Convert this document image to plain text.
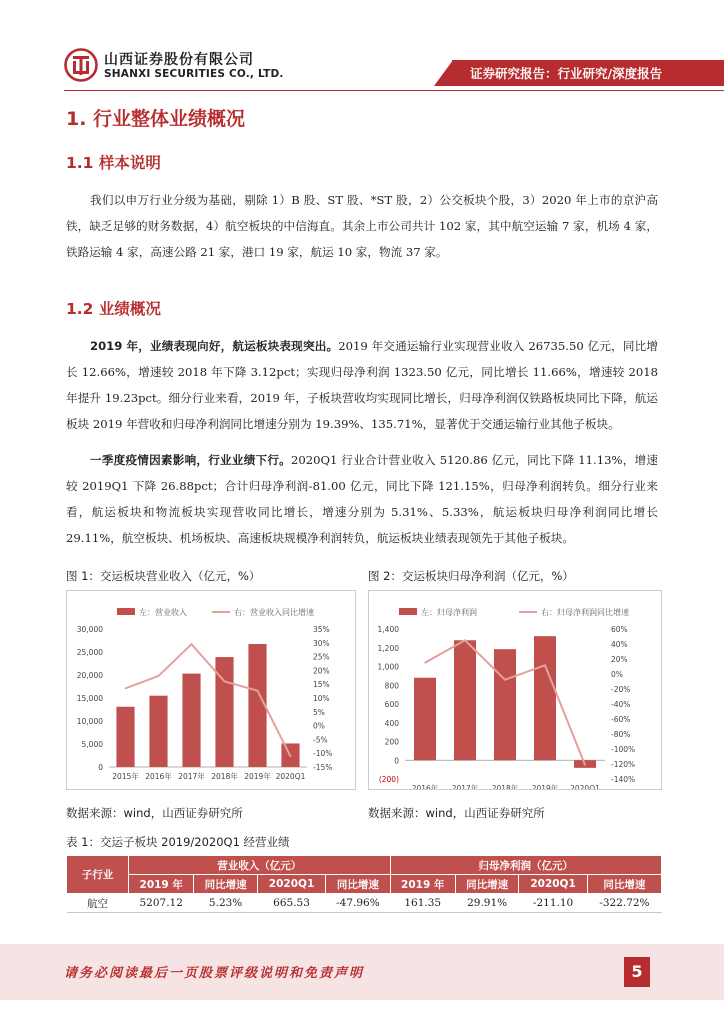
山西证券股份有限公司
SHANXI SECURITIES CO., LTD.	证券研究报告：行业研究/深度报告
1. 行业整体业绩概况
1.1 样本说明

我们以申万行业分级为基础，剔除 1）B 股、ST 股、*ST 股，2）公交板块个股，3）2020 年上市的京沪高铁，缺乏足够的财务数据，4）航空板块的中信海直。其余上市公司共计 102 家，其中航空运输 7 家，机场 4 家，铁路运输 4 家，高速公路 21 家，港口 19 家，航运 10 家，物流 37 家。

1.2 业绩概况

2019 年，业绩表现向好，航运板块表现突出。2019 年交通运输行业实现营业收入 26735.50 亿元，同比增长 12.66%，增速较 2018 年下降 3.12pct；实现归母净利润 1323.50 亿元，同比增长 11.66%，增速较 2018 年提升 19.23pct。细分行业来看，2019 年，子板块营收均实现同比增长，归母净利润仅铁路板块同比下降，航运板块 2019 年营收和归母净利润同比增速分别为 19.39%、135.71%，显著优于交通运输行业其他子板块。

一季度疫情因素影响，行业业绩下行。2020Q1 行业合计营业收入 5120.86 亿元，同比下降 11.13%，增速较 2019Q1 下降 26.88pct；合计归母净利润-81.00 亿元，同比下降 121.15%，归母净利润转负。细分行业来看，航运板块和物流板块实现营收同比增长，增速分别为 5.31%、5.33%，航运板块归母净利润同比增长 29.11%，航空板块、机场板块、高速板块规模净利润转负，航运板块业绩表现领先于其他子板块。

图 1：交运板块营业收入（亿元，%）	图 2：交运板块归母净利润（亿元，%）
左：营业收入	右：营业收入同比增速
0
5,000
10,000
15,000
20,000
25,000
30,000
-15%
-10%
-5%
0%
5%
10%
15%
20%
25%
30%
35%
2015年 2016年 2017年 2018年 2019年 2020Q1
左：归母净利润	右：归母净利润同比增速
(200)
0
200
400
600
800
1,000
1,200
1,400
-140%
-120%
-100%
-80%
-60%
-40%
-20%
0%
20%
40%
60%
2016年 2017年 2018年 2019年 2020Q1
数据来源：wind，山西证券研究所	数据来源：wind，山西证券研究所
表 1：交运子板块 2019/2020Q1 经营业绩
子行业	营业收入（亿元）				归母净利润（亿元）			
	2019 年	同比增速	2020Q1	同比增速	2019 年	同比增速	2020Q1	同比增速
航空	5207.12	5.23%	665.53	-47.96%	161.35	29.91%	-211.10	-322.72%
请务必阅读最后一页股票评级说明和免责声明	5
